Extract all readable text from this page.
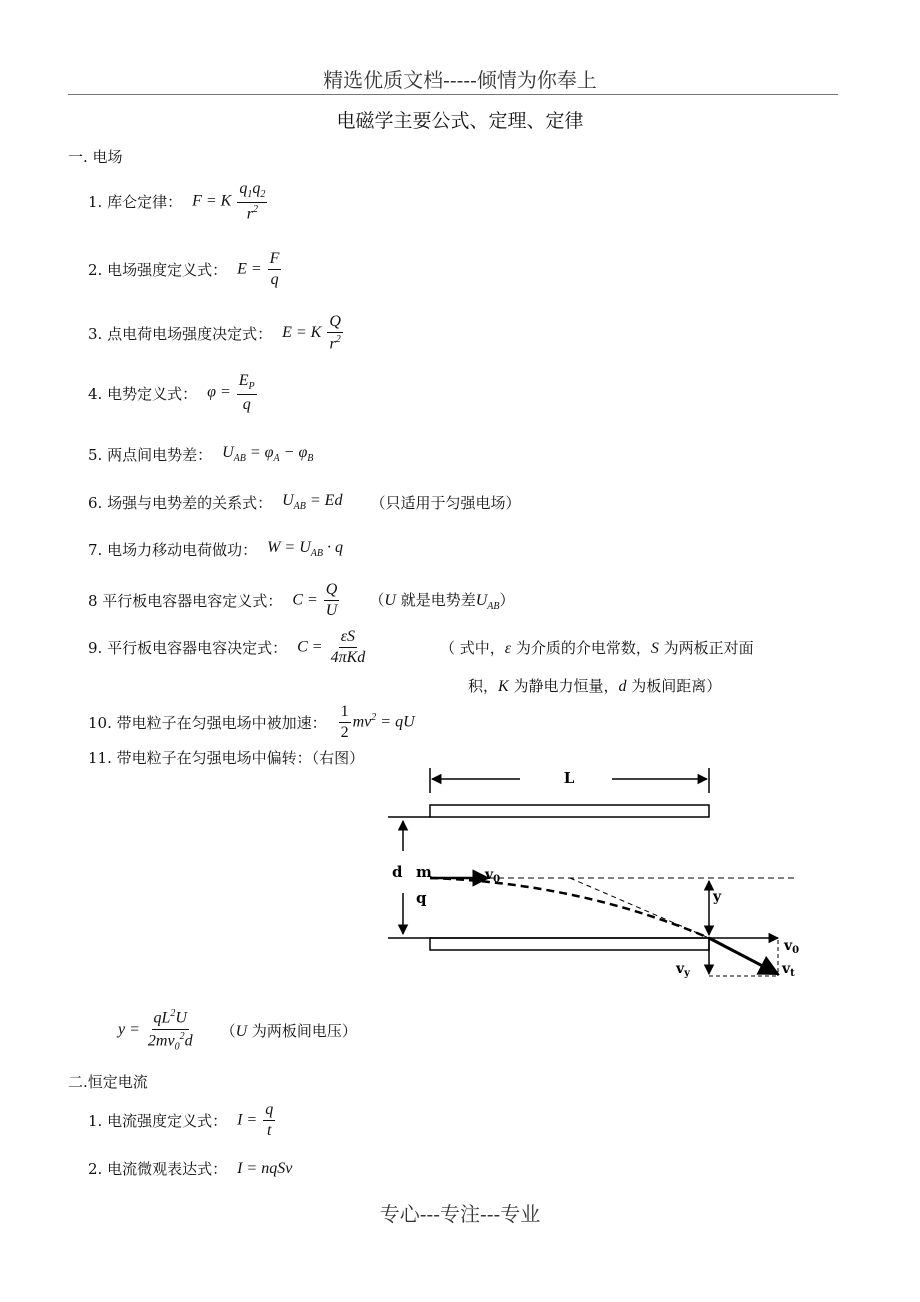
精选优质文档-----倾情为你奉上
电磁学主要公式、定理、定律
一. 电场
1. 库仑定律： F = K $\frac{q_1q_2}{r^2}$
2. 电场强度定义式： $E = \frac{F}{q}$
3. 点电荷电场强度决定式： E = K $\frac{Q}{r^2}$
4. 电势定义式： $\varphi = \frac{E_P}{q}$
5. 两点间电势差： $U_{AB} = \varphi_A - \varphi_B$
6. 场强与电势差的关系式： $U_{AB} = Ed$ （只适用于匀强电场）
7. 电场力移动电荷做功： $W = U_{AB} \cdot q$
8 平行板电容器电容定义式： $C = \frac{Q}{U} (U$ 就是电势差$U_{AB}$）
9. 平行板电容器电容决定式： $C = \frac{\varepsilon S}{\text{4πKd}}$	（ 式中，ε 为介质的介电常数，S 为两板正对面
积，K 为静电力恒量，d 为板间距离）
10. 带电粒子在匀强电场中被加速： $\frac{1}{2} mv^2$ = qU
11. 带电粒子在匀强电场中偏转：（右图）
L
d m
q
$v_0$
y
$v_0$
$v_y$	$v_t$
$y = \frac{qL^2U}{2mv_0^2d} (U$ 为两板间电压）
二.恒定电流
1. 电流强度定义式： $I = \frac{q}{t}$
2. 电流微观表达式： I = nqSv
专心---专注---专业
